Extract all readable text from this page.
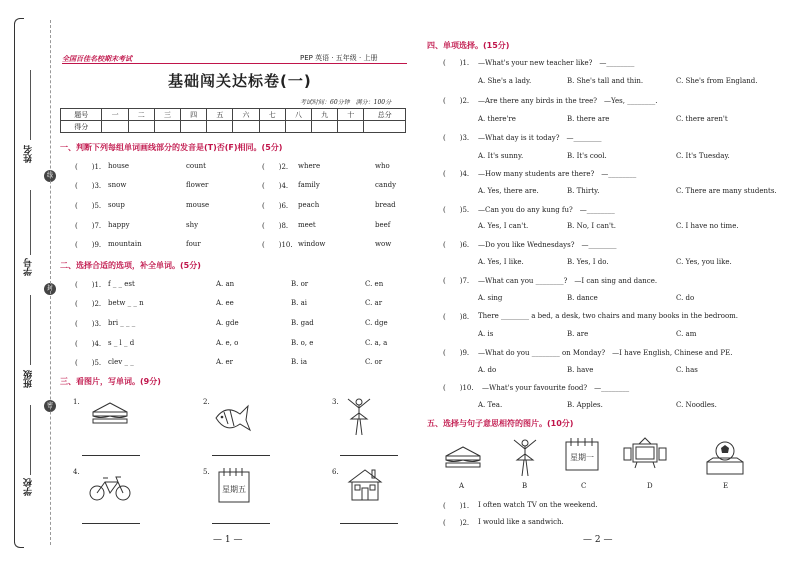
姓名
学号
班级
学校
线
封
密
全国百佳名校期末考试	PEP 英语 · 五年级 · 上册
基础闯关达标卷(一)
考试时间：60分钟　满分：100分
题号	一	二	三	四	五	六	七	八	九	十	总分
得分											
一、判断下列每组单词画线部分的发音是(T)否(F)相同。(5分)
(　　)1. house	count	(　　)2. where	who
(　　)3. snow	flower	(　　)4. family	candy
(　　)5. soup	mouse	(　　)6. peach	bread
(　　)7. happy	shy	(　　)8. meet	beef
(　　)9. mountain	four	(　　)10. window	wow
二、选择合适的选项，补全单词。(5分)
(　　)1. f _ _ est	A. an	B. or	C. en
(　　)2. betw _ _ n	A. ee	B. ai	C. ar
(　　)3. bri _ _ _	A. gde	B. gad	C. dge
(　　)4. s _ l _ d	A. e, o	B. o, e	C. a, a
(　　)5. clev _ _	A. er	B. ia	C. or
三、看图片，写单词。(9分)
1.	2.	3.
4.	5.
星期五
6.
— 1 —
四、单项选择。(15分)
(　　)1. —What's your new teacher like?　—________
A. She's a lady.	B. She's tall and thin.	C. She's from England.
(　　)2. —Are there any birds in the tree?　—Yes, ________.
A. there're	B. there are	C. there aren't
(　　)3. —What day is it today?　—________
A. It's sunny.	B. It's cool.	C. It's Tuesday.
(　　)4. —How many students are there?　—________
A. Yes, there are.	B. Thirty.	C. There are many students.
(　　)5. —Can you do any kung fu?　—________
A. Yes, I can't.	B. No, I can't.	C. I have no time.
(　　)6. —Do you like Wednesdays?　—________
A. Yes, I like.	B. Yes, I do.	C. Yes, you like.
(　　)7. —What can you ________?　—I can sing and dance.
A. sing	B. dance	C. do
(　　)8. There ________ a bed, a desk, two chairs and many books in the bedroom.
A. is	B. are	C. am
(　　)9. —What do you ________ on Monday?　—I have English, Chinese and PE.
A. do	B. have	C. has
(　　)10. —What's your favourite food?　—________
A. Tea.	B. Apples.	C. Noodles.
五、选择与句子意思相符的图片。(10分)
星期一
A	B	C	D	E
(　　)1. I often watch TV on the weekend.
(　　)2. I would like a sandwich.
— 2 —
